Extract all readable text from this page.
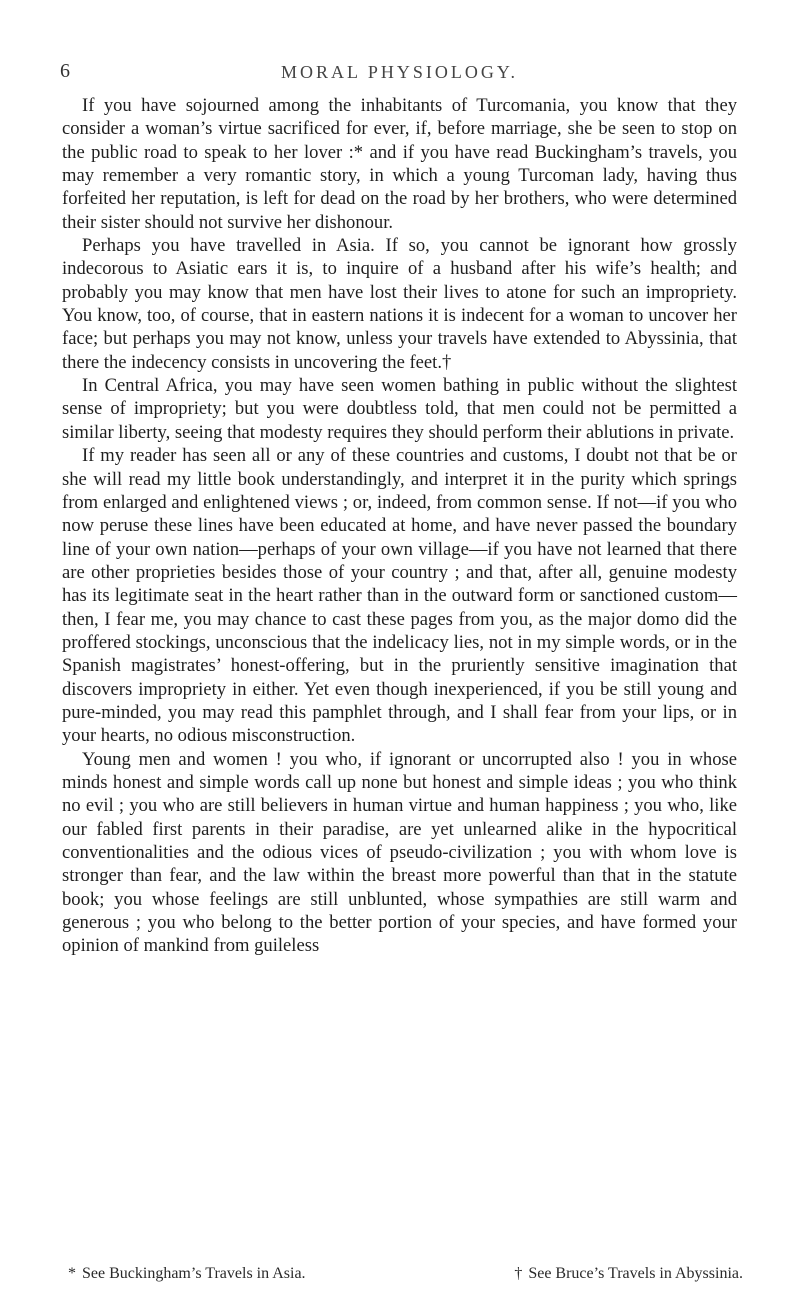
6	MORAL PHYSIOLOGY.

If you have sojourned among the inhabitants of Turcomania, you know that they consider a woman’s virtue sacrificed for ever, if, before marriage, she be seen to stop on the public road to speak to her lover :* and if you have read Buckingham’s travels, you may remember a very romantic story, in which a young Turcoman lady, having thus forfeited her reputation, is left for dead on the road by her brothers, who were determined their sister should not survive her dishonour.

Perhaps you have travelled in Asia. If so, you cannot be ignorant how grossly indecorous to Asiatic ears it is, to inquire of a husband after his wife’s health; and probably you may know that men have lost their lives to atone for such an impropriety. You know, too, of course, that in eastern nations it is indecent for a woman to uncover her face; but perhaps you may not know, unless your travels have extended to Abyssinia, that there the indecency consists in uncovering the feet.†

In Central Africa, you may have seen women bathing in public without the slightest sense of impropriety; but you were doubtless told, that men could not be permitted a similar liberty, seeing that modesty requires they should perform their ablutions in private.

If my reader has seen all or any of these countries and customs, I doubt not that be or she will read my little book understandingly, and interpret it in the purity which springs from enlarged and enlightened views ; or, indeed, from common sense. If not—if you who now peruse these lines have been educated at home, and have never passed the boundary line of your own nation—perhaps of your own village—if you have not learned that there are other proprieties besides those of your country ; and that, after all, genuine modesty has its legitimate seat in the heart rather than in the outward form or sanctioned custom—then, I fear me, you may chance to cast these pages from you, as the major domo did the proffered stockings, unconscious that the indelicacy lies, not in my simple words, or in the Spanish magistrates’ honest-offering, but in the pruriently sensitive imagination that discovers impropriety in either. Yet even though inexperienced, if you be still young and pure-minded, you may read this pamphlet through, and I shall fear from your lips, or in your hearts, no odious misconstruction.

Young men and women ! you who, if ignorant or uncorrupted also ! you in whose minds honest and simple words call up none but honest and simple ideas ; you who think no evil ; you who are still believers in human virtue and human happiness ; you who, like our fabled first parents in their paradise, are yet unlearned alike in the hypocritical conventionalities and the odious vices of pseudo-civilization ; you with whom love is stronger than fear, and the law within the breast more powerful than that in the statute book; you whose feelings are still unblunted, whose sympathies are still warm and generous ; you who belong to the better portion of your species, and have formed your opinion of mankind from guileless

* See Buckingham’s Travels in Asia.	† See Bruce’s Travels in Abyssinia.
